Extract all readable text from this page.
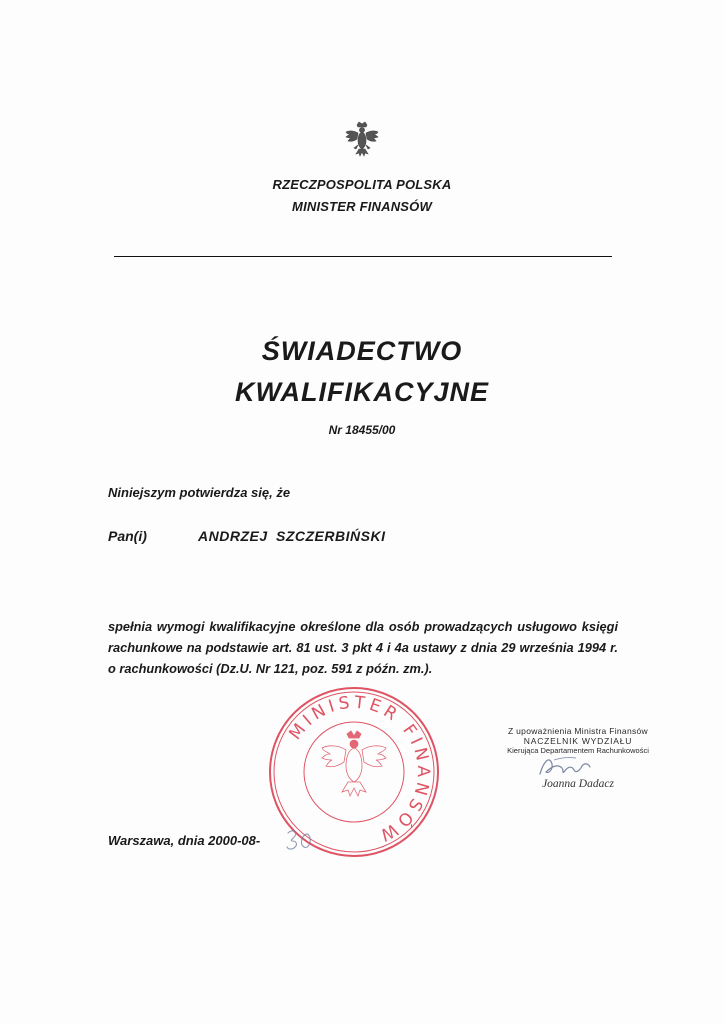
RZECZPOSPOLITA POLSKA
MINISTER FINANSÓW
ŚWIADECTWO
KWALIFIKACYJNE
Nr 18455/00
Niniejszym potwierdza się, że
Pan(i)	ANDRZEJ SZCZERBIŃSKI
spełnia wymogi kwalifikacyjne określone dla osób prowadzących usługowo księgi rachunkowe na podstawie art. 81 ust. 3 pkt 4 i 4a ustawy z dnia 29 września 1994 r. o rachunkowości (Dz.U. Nr 121, poz. 591 z późn. zm.).
MINISTER FINANSÓW
Z upoważnienia Ministra Finansów
NACZELNIK WYDZIAŁU
Kierująca Departamentem Rachunkowości
Joanna Dadacz
Warszawa, dnia 2000-08-
